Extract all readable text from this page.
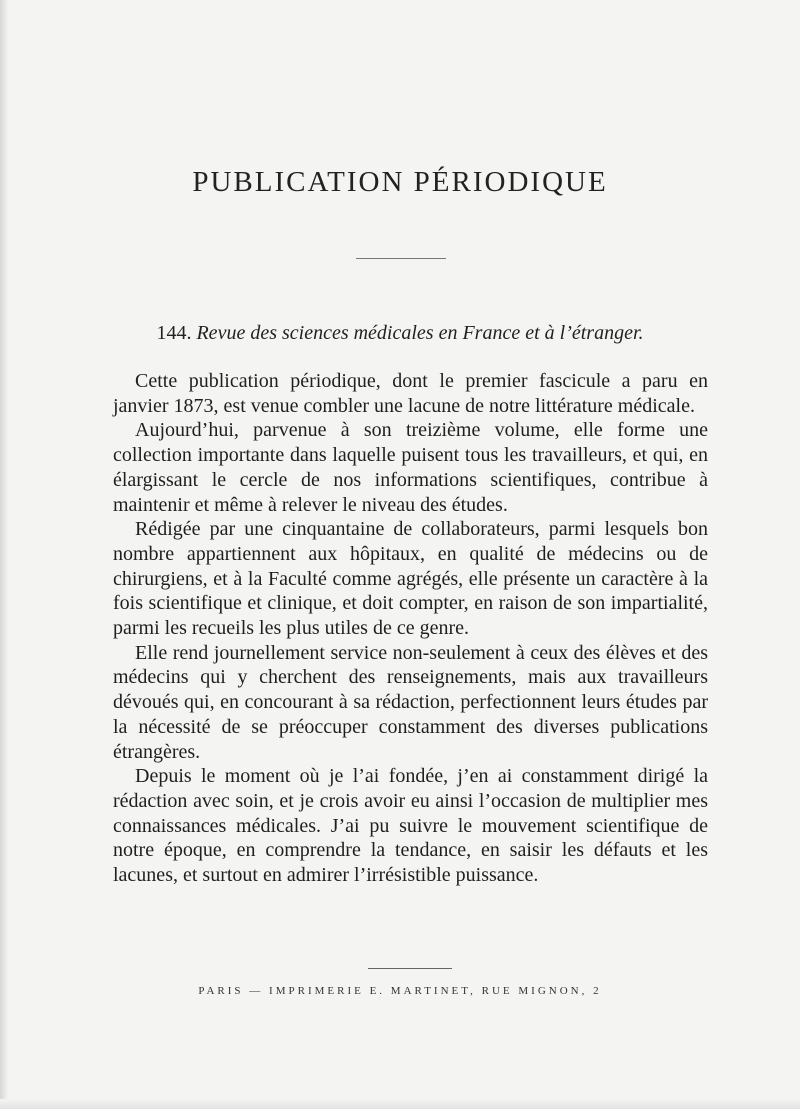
PUBLICATION PÉRIODIQUE
144. Revue des sciences médicales en France et à l’étranger.

Cette publication périodique, dont le premier fascicule a paru en janvier 1873, est venue combler une lacune de notre littérature médicale.

Aujourd’hui, parvenue à son treizième volume, elle forme une collection importante dans laquelle puisent tous les travailleurs, et qui, en élargissant le cercle de nos informations scientifiques, contribue à maintenir et même à relever le niveau des études.

Rédigée par une cinquantaine de collaborateurs, parmi lesquels bon nombre appartiennent aux hôpitaux, en qualité de médecins ou de chirurgiens, et à la Faculté comme agrégés, elle présente un caractère à la fois scientifique et clinique, et doit compter, en raison de son impartialité, parmi les recueils les plus utiles de ce genre.

Elle rend journellement service non-seulement à ceux des élèves et des médecins qui y cherchent des renseignements, mais aux travailleurs dévoués qui, en concourant à sa rédaction, perfectionnent leurs études par la nécessité de se préoccuper constamment des diverses publications étrangères.

Depuis le moment où je l’ai fondée, j’en ai constamment dirigé la rédaction avec soin, et je crois avoir eu ainsi l’occasion de multiplier mes connaissances médicales. J’ai pu suivre le mouvement scientifique de notre époque, en comprendre la tendance, en saisir les défauts et les lacunes, et surtout en admirer l’irrésistible puissance.

PARIS — IMPRIMERIE E. MARTINET, RUE MIGNON, 2
